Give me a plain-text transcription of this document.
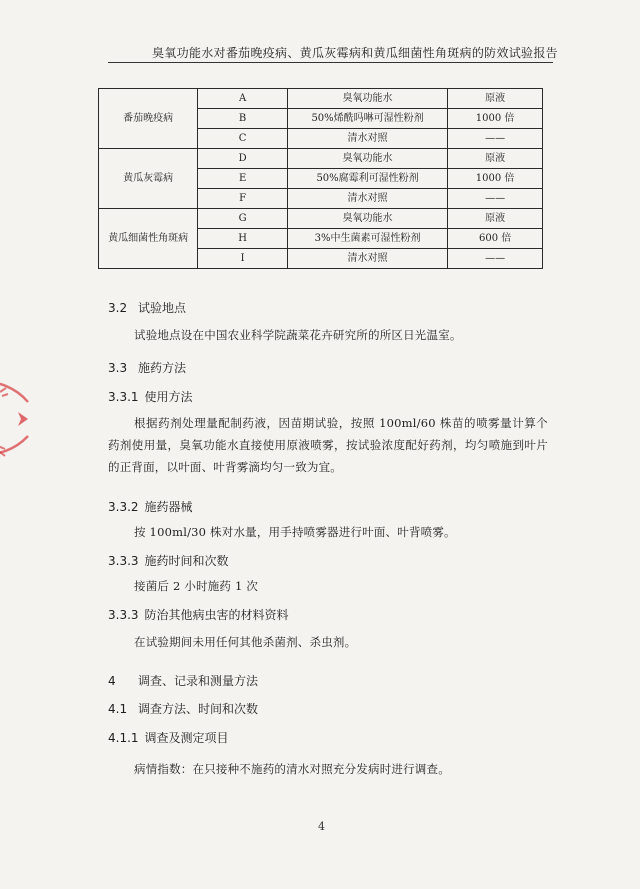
臭氧功能水对番茄晚疫病、黄瓜灰霉病和黄瓜细菌性角斑病的防效试验报告
番茄晚疫病	A	臭氧功能水	原液
	B	50%烯酰吗啉可湿性粉剂	1000 倍
	C	清水对照	——
黄瓜灰霉病	D	臭氧功能水	原液
	E	50%腐霉利可湿性粉剂	1000 倍
	F	清水对照	——
黄瓜细菌性角斑病	G	臭氧功能水	原液
	H	3%中生菌素可湿性粉剂	600 倍
	I	清水对照	——
3.2 试验地点
试验地点设在中国农业科学院蔬菜花卉研究所的所区日光温室。
3.3 施药方法
3.3.1 使用方法
根据药剂处理量配制药液，因苗期试验，按照 100ml/60 株苗的喷雾量计算个药剂使用量，臭氧功能水直接使用原液喷雾，按试验浓度配好药剂，均匀喷施到叶片的正背面，以叶面、叶背雾滴均匀一致为宜。
3.3.2 施药器械
按 100ml/30 株对水量，用手持喷雾器进行叶面、叶背喷雾。
3.3.3 施药时间和次数
接菌后 2 小时施药 1 次
3.3.3 防治其他病虫害的材料资料
在试验期间未用任何其他杀菌剂、杀虫剂。
4 调查、记录和测量方法
4.1 调查方法、时间和次数
4.1.1 调查及测定项目
病情指数：在只接种不施药的清水对照充分发病时进行调查。
4
